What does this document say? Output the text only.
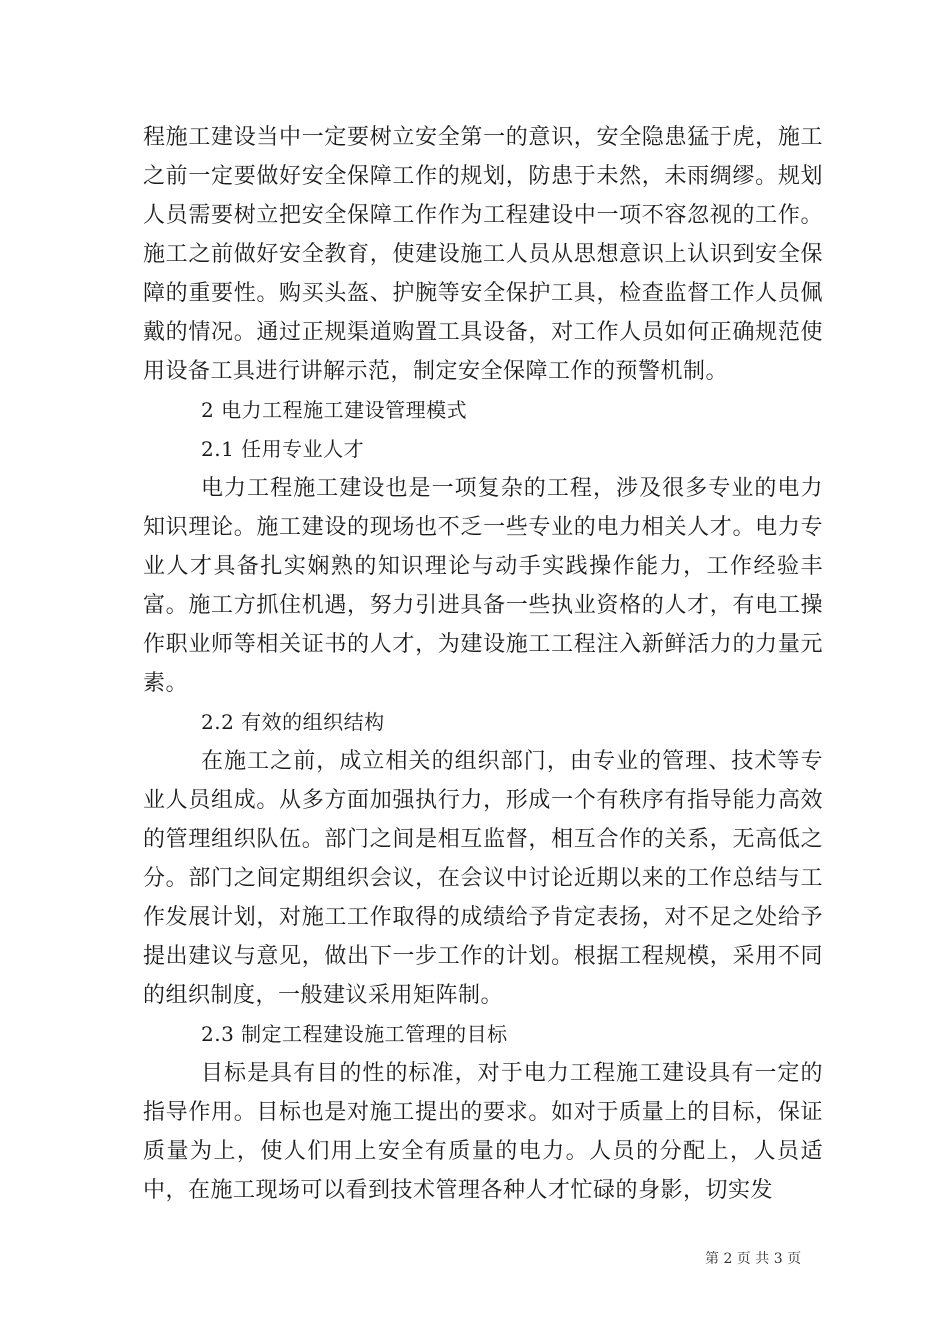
程施工建设当中一定要树立安全第一的意识，安全隐患猛于虎，施工之前一定要做好安全保障工作的规划，防患于未然，未雨绸缪。规划人员需要树立把安全保障工作作为工程建设中一项不容忽视的工作。施工之前做好安全教育，使建设施工人员从思想意识上认识到安全保障的重要性。购买头盔、护腕等安全保护工具，检查监督工作人员佩戴的情况。通过正规渠道购置工具设备，对工作人员如何正确规范使用设备工具进行讲解示范，制定安全保障工作的预警机制。

2 电力工程施工建设管理模式

2.1 任用专业人才

电力工程施工建设也是一项复杂的工程，涉及很多专业的电力知识理论。施工建设的现场也不乏一些专业的电力相关人才。电力专业人才具备扎实娴熟的知识理论与动手实践操作能力，工作经验丰富。施工方抓住机遇，努力引进具备一些执业资格的人才，有电工操作职业师等相关证书的人才，为建设施工工程注入新鲜活力的力量元素。

2.2 有效的组织结构

在施工之前，成立相关的组织部门，由专业的管理、技术等专业人员组成。从多方面加强执行力，形成一个有秩序有指导能力高效的管理组织队伍。部门之间是相互监督，相互合作的关系，无高低之分。部门之间定期组织会议，在会议中讨论近期以来的工作总结与工作发展计划，对施工工作取得的成绩给予肯定表扬，对不足之处给予提出建议与意见，做出下一步工作的计划。根据工程规模，采用不同的组织制度，一般建议采用矩阵制。

2.3 制定工程建设施工管理的目标

目标是具有目的性的标准，对于电力工程施工建设具有一定的指导作用。目标也是对施工提出的要求。如对于质量上的目标，保证质量为上，使人们用上安全有质量的电力。人员的分配上，人员适中，在施工现场可以看到技术管理各种人才忙碌的身影，切实发

第 2 页 共 3 页
